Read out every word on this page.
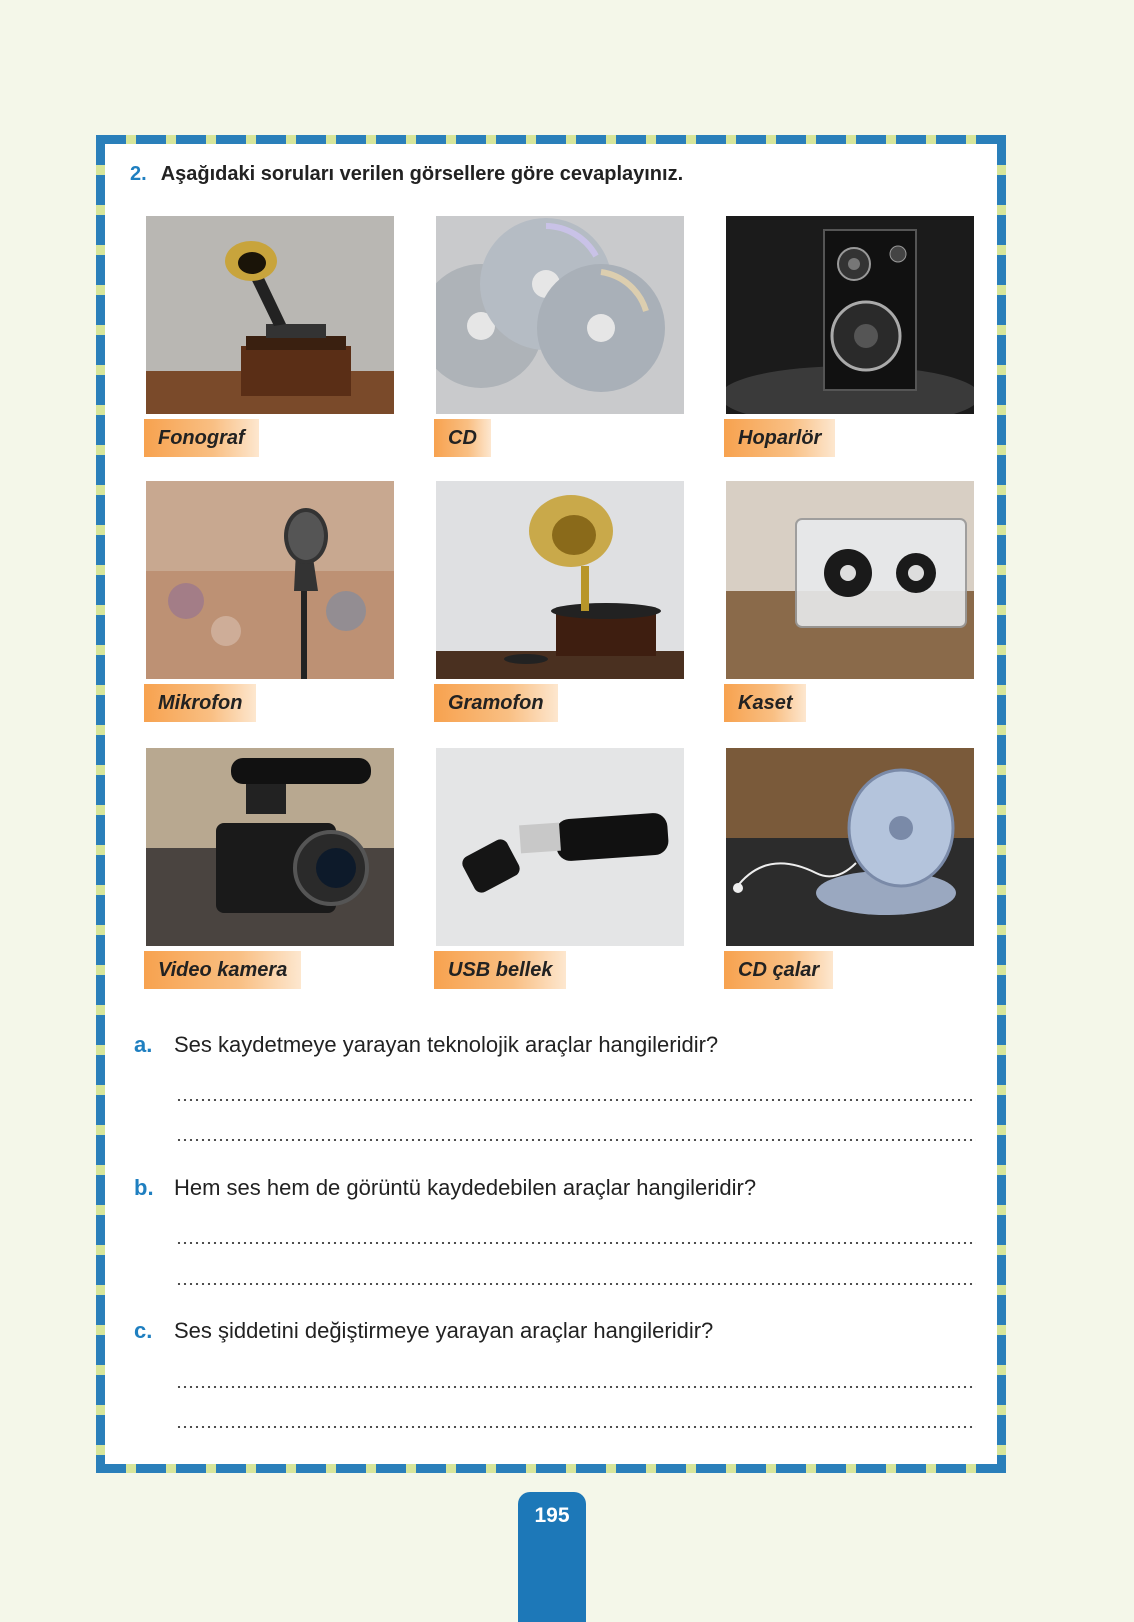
2. Aşağıdaki soruları verilen görsellere göre cevaplayınız.
Fonograf	CD	Hoparlör
Mikrofon	Gramofon	Kaset
Video kamera	USB bellek	CD çalar
a. Ses kaydetmeye yarayan teknolojik araçlar hangileridir?
b. Hem ses hem de görüntü kaydedebilen araçlar hangileridir?
c. Ses şiddetini değiştirmeye yarayan araçlar hangileridir?
195
